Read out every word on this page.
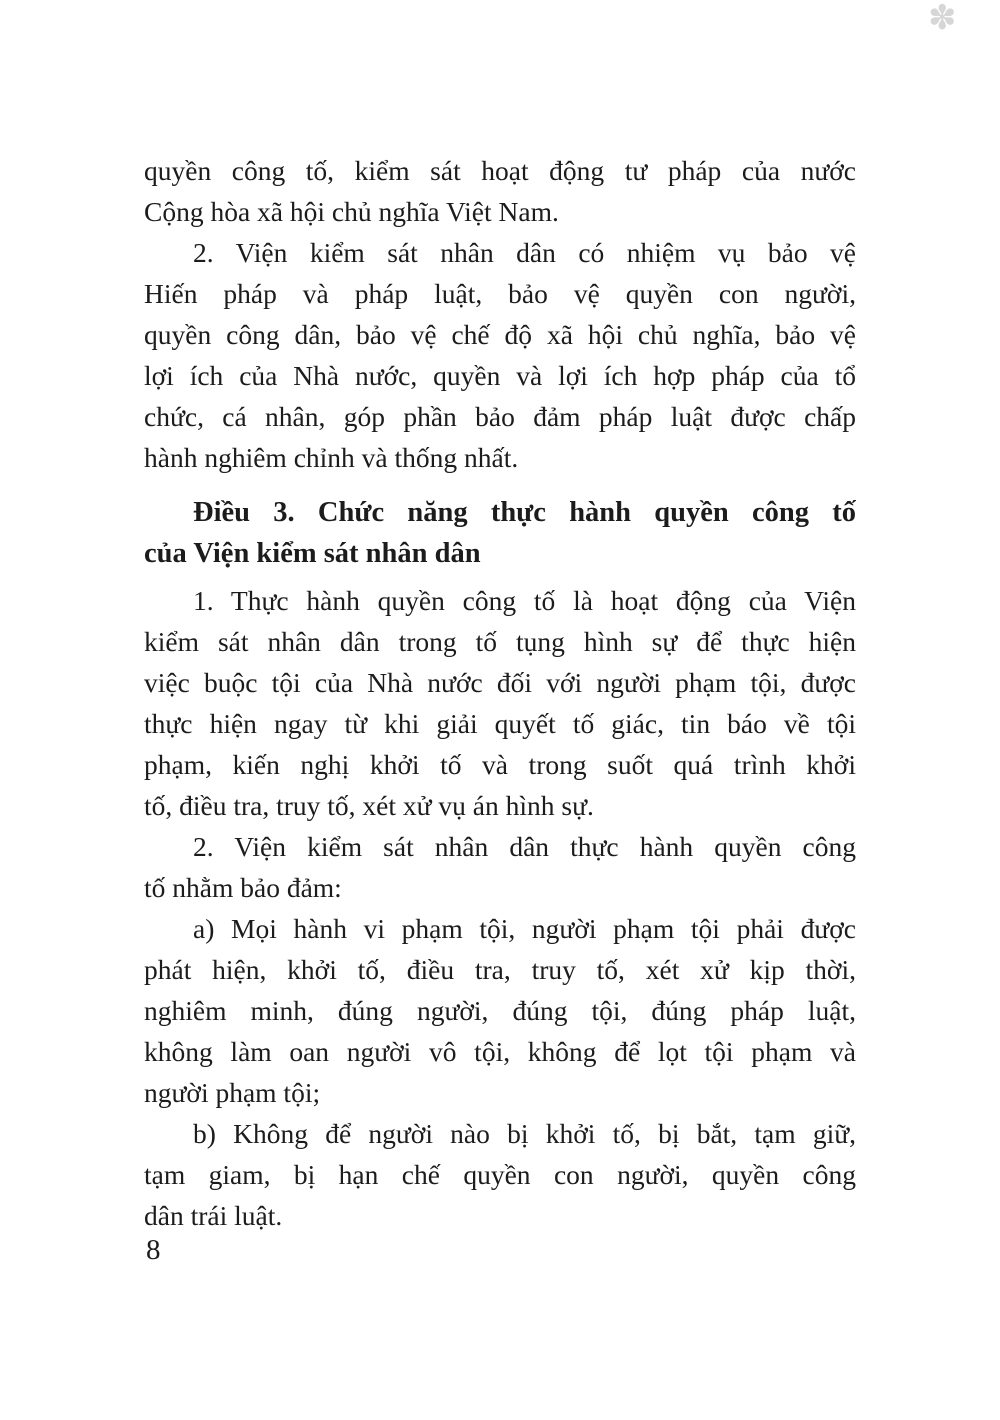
✽
quyền công tố, kiểm sát hoạt động tư pháp của nước
Cộng hòa xã hội chủ nghĩa Việt Nam.
2. Viện kiểm sát nhân dân có nhiệm vụ bảo vệ
Hiến pháp và pháp luật, bảo vệ quyền con người,
quyền công dân, bảo vệ chế độ xã hội chủ nghĩa, bảo vệ
lợi ích của Nhà nước, quyền và lợi ích hợp pháp của tổ
chức, cá nhân, góp phần bảo đảm pháp luật được chấp
hành nghiêm chỉnh và thống nhất.
Điều 3. Chức năng thực hành quyền công tố
của Viện kiểm sát nhân dân
1. Thực hành quyền công tố là hoạt động của Viện
kiểm sát nhân dân trong tố tụng hình sự để thực hiện
việc buộc tội của Nhà nước đối với người phạm tội, được
thực hiện ngay từ khi giải quyết tố giác, tin báo về tội
phạm, kiến nghị khởi tố và trong suốt quá trình khởi
tố, điều tra, truy tố, xét xử vụ án hình sự.
2. Viện kiểm sát nhân dân thực hành quyền công
tố nhằm bảo đảm:
a) Mọi hành vi phạm tội, người phạm tội phải được
phát hiện, khởi tố, điều tra, truy tố, xét xử kịp thời,
nghiêm minh, đúng người, đúng tội, đúng pháp luật,
không làm oan người vô tội, không để lọt tội phạm và
người phạm tội;
b) Không để người nào bị khởi tố, bị bắt, tạm giữ,
tạm giam, bị hạn chế quyền con người, quyền công
dân trái luật.
8
